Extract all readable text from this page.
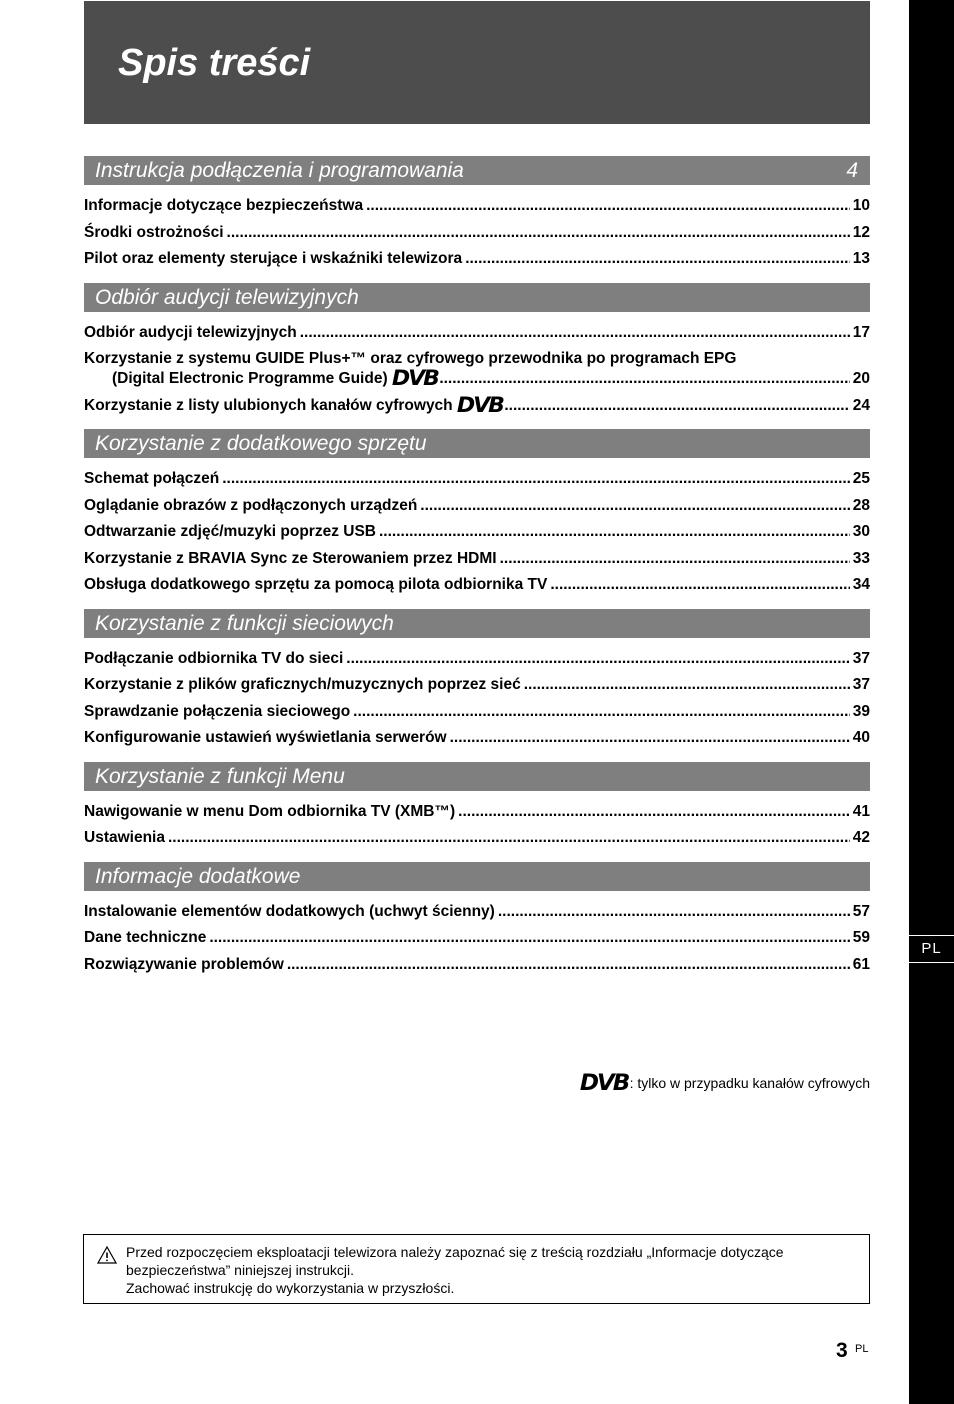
PL
Spis treści
Instrukcja podłączenia i programowania	4
Informacje dotyczące bezpieczeństwa .....	10
Środki ostrożności .....	12
Pilot oraz elementy sterujące i wskaźniki telewizora .....	13
Odbiór audycji telewizyjnych
Odbiór audycji telewizyjnych .....	17
Korzystanie z systemu GUIDE Plus+™ oraz cyfrowego przewodnika po programach EPG
(Digital Electronic Programme Guide) DVB .....	20
Korzystanie z listy ulubionych kanałów cyfrowych DVB .....	24
Korzystanie z dodatkowego sprzętu
Schemat połączeń .....	25
Oglądanie obrazów z podłączonych urządzeń .....	28
Odtwarzanie zdjęć/muzyki poprzez USB .....	30
Korzystanie z BRAVIA Sync ze Sterowaniem przez HDMI .....	33
Obsługa dodatkowego sprzętu za pomocą pilota odbiornika TV .....	34
Korzystanie z funkcji sieciowych
Podłączanie odbiornika TV do sieci .....	37
Korzystanie z plików graficznych/muzycznych poprzez sieć .....	37
Sprawdzanie połączenia sieciowego .....	39
Konfigurowanie ustawień wyświetlania serwerów .....	40
Korzystanie z funkcji Menu
Nawigowanie w menu Dom odbiornika TV (XMB™) .....	41
Ustawienia .....	42
Informacje dodatkowe
Instalowanie elementów dodatkowych (uchwyt ścienny) .....	57
Dane techniczne .....	59
Rozwiązywanie problemów .....	61
DVB : tylko w przypadku kanałów cyfrowych
Przed rozpoczęciem eksploatacji telewizora należy zapoznać się z treścią rozdziału „Informacje dotyczące bezpieczeństwa” niniejszej instrukcji.
Zachować instrukcję do wykorzystania w przyszłości.
3 PL
